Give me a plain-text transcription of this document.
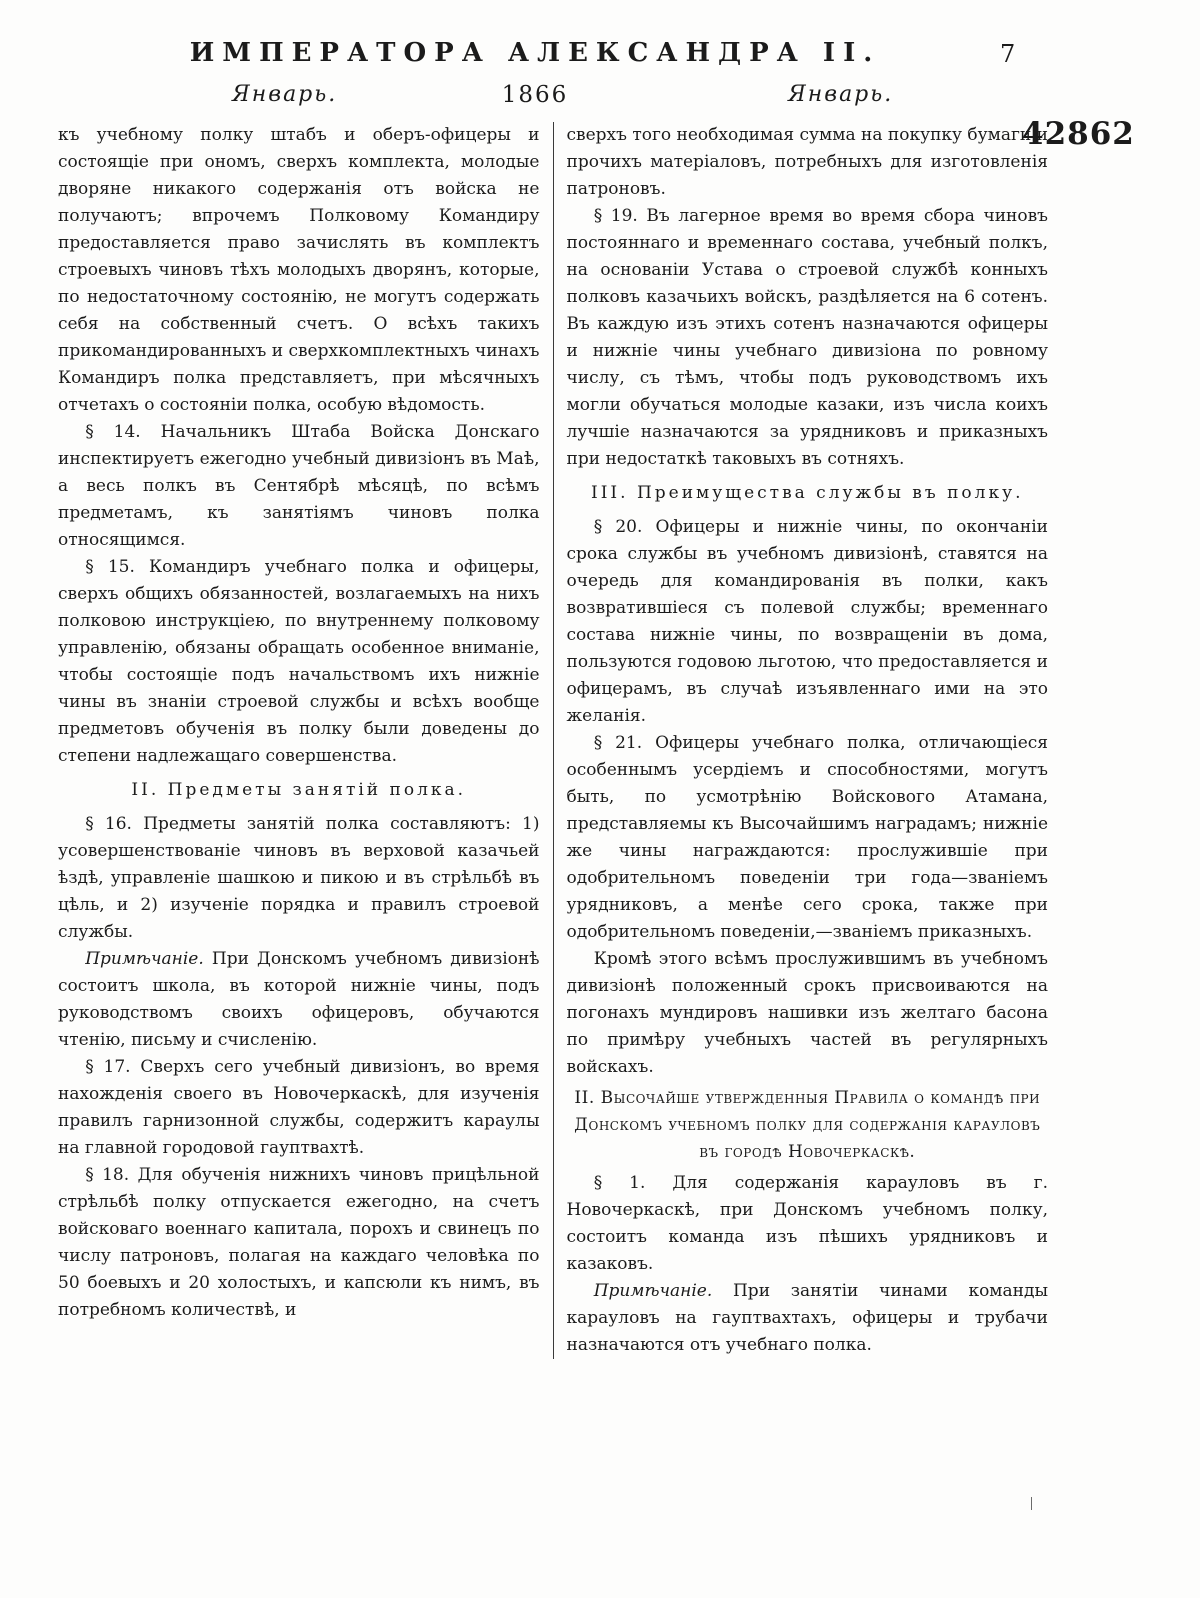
ИМПЕРАТОРА АЛЕКСАНДРА II.	7
Январь.	1866	Январь.
42862

къ учебному полку штабъ и оберъ-офицеры и состоящіе при ономъ, сверхъ комплекта, молодые дворяне никакого содержанія отъ войска не получаютъ; впрочемъ Полковому Командиру предоставляется право зачислять въ комплектъ строевыхъ чиновъ тѣхъ молодыхъ дворянъ, которые, по недостаточному состоянію, не могутъ содержать себя на собственный счетъ. О всѣхъ такихъ прикомандированныхъ и сверхкомплектныхъ чинахъ Командиръ полка представляетъ, при мѣсячныхъ отчетахъ о состояніи полка, особую вѣдомость.

§ 14. Начальникъ Штаба Войска Донскаго инспектируетъ ежегодно учебный дивизіонъ въ Маѣ, а весь полкъ въ Сентябрѣ мѣсяцѣ, по всѣмъ предметамъ, къ занятіямъ чиновъ полка относящимся.

§ 15. Командиръ учебнаго полка и офицеры, сверхъ общихъ обязанностей, возлагаемыхъ на нихъ полковою инструкціею, по внутреннему полковому управленію, обязаны обращать особенное вниманіе, чтобы состоящіе подъ начальствомъ ихъ нижніе чины въ знаніи строевой службы и всѣхъ вообще предметовъ обученія въ полку были доведены до степени надлежащаго совершенства.

II. Предметы занятій полка.

§ 16. Предметы занятій полка составляютъ: 1) усовершенствованіе чиновъ въ верховой казачьей ѣздѣ, управленіе шашкою и пикою и въ стрѣльбѣ въ цѣль, и 2) изученіе порядка и правилъ строевой службы.

Примѣчаніе. При Донскомъ учебномъ дивизіонѣ состоитъ школа, въ которой нижніе чины, подъ руководствомъ своихъ офицеровъ, обучаются чтенію, письму и счисленію.

§ 17. Сверхъ сего учебный дивизіонъ, во время нахожденія своего въ Новочеркаскѣ, для изученія правилъ гарнизонной службы, содержитъ караулы на главной городовой гауптвахтѣ.

§ 18. Для обученія нижнихъ чиновъ прицѣльной стрѣльбѣ полку отпускается ежегодно, на счетъ войсковаго военнаго капитала, порохъ и свинецъ по числу патроновъ, полагая на каждаго человѣка по 50 боевыхъ и 20 холостыхъ, и капсюли къ нимъ, въ потребномъ количествѣ, и

сверхъ того необходимая сумма на покупку бумаги и прочихъ матеріаловъ, потребныхъ для изготовленія патроновъ.

§ 19. Въ лагерное время во время сбора чиновъ постояннаго и временнаго состава, учебный полкъ, на основаніи Устава о строевой службѣ конныхъ полковъ казачьихъ войскъ, раздѣляется на 6 сотенъ. Въ каждую изъ этихъ сотенъ назначаются офицеры и нижніе чины учебнаго дивизіона по ровному числу, съ тѣмъ, чтобы подъ руководствомъ ихъ могли обучаться молодые казаки, изъ числа коихъ лучшіе назначаются за урядниковъ и приказныхъ при недостаткѣ таковыхъ въ сотняхъ.

III. Преимущества службы въ полку.

§ 20. Офицеры и нижніе чины, по окончаніи срока службы въ учебномъ дивизіонѣ, ставятся на очередь для командированія въ полки, какъ возвратившіеся съ полевой службы; временнаго состава нижніе чины, по возвращеніи въ дома, пользуются годовою льготою, что предоставляется и офицерамъ, въ случаѣ изъявленнаго ими на это желанія.

§ 21. Офицеры учебнаго полка, отличающіеся особеннымъ усердіемъ и способностями, могутъ быть, по усмотрѣнію Войскового Атамана, представляемы къ Высочайшимъ наградамъ; нижніе же чины награждаются: прослужившіе при одобрительномъ поведеніи три года—званіемъ урядниковъ, а менѣе сего срока, также при одобрительномъ поведеніи,—званіемъ приказныхъ.

Кромѣ этого всѣмъ прослужившимъ въ учебномъ дивизіонѣ положенный срокъ присвоиваются на погонахъ мундировъ нашивки изъ желтаго басона по примѣру учебныхъ частей въ регулярныхъ войскахъ.

II. Высочайше утвержденныя Правила о командѣ при Донскомъ учебномъ полку для содержанія карауловъ въ городѣ Новочеркаскѣ.

§ 1. Для содержанія карауловъ въ г. Новочеркаскѣ, при Донскомъ учебномъ полку, состоитъ команда изъ пѣшихъ урядниковъ и казаковъ.

Примѣчаніе. При занятіи чинами команды карауловъ на гауптвахтахъ, офицеры и трубачи назначаются отъ учебнаго полка.
